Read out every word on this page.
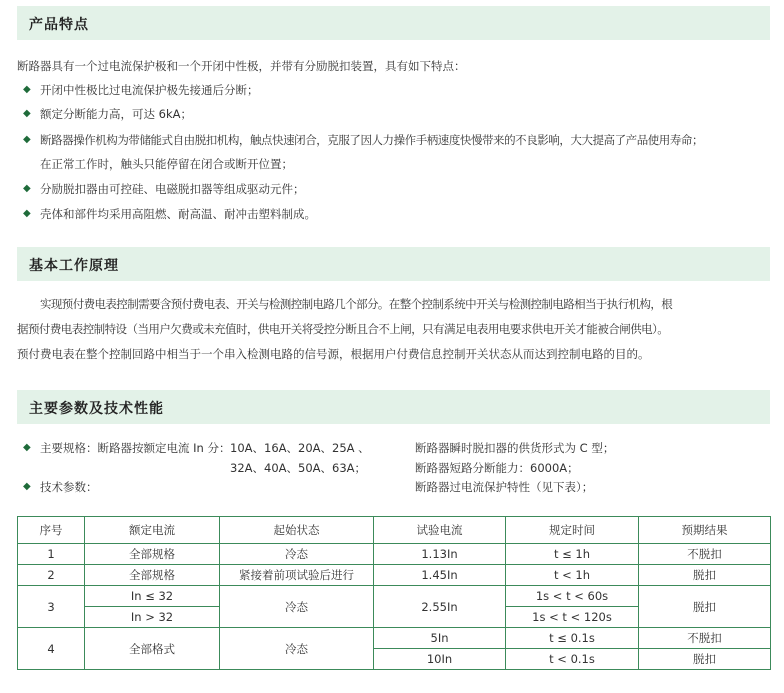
产品特点
断路器具有一个过电流保护极和一个开闭中性极，并带有分励脱扣装置，具有如下特点：
◆ 开闭中性极比过电流保护极先接通后分断；
◆ 额定分断能力高，可达 6kA；
◆ 断路器操作机构为带储能式自由脱扣机构，触点快速闭合，克服了因人力操作手柄速度快慢带来的不良影响，大大提高了产品使用寿命；
在正常工作时，触头只能停留在闭合或断开位置；
◆ 分励脱扣器由可控硅、电磁脱扣器等组成驱动元件；
◆ 壳体和部件均采用高阻燃、耐高温、耐冲击塑料制成。
基本工作原理
实现预付费电表控制需要含预付费电表、开关与检测控制电路几个部分。在整个控制系统中开关与检测控制电路相当于执行机构，根
据预付费电表控制特设（当用户欠费或未充值时，供电开关将受控分断且合不上闸，只有满足电表用电要求供电开关才能被合闸供电）。
预付费电表在整个控制回路中相当于一个串入检测电路的信号源，根据用户付费信息控制开关状态从而达到控制电路的目的。
主要参数及技术性能
◆ 主要规格：断路器按额定电流 In 分： 10A、16A、20A、25A 、
32A、40A、50A、63A；
◆ 技术参数：
断路器瞬时脱扣器的供货形式为 C 型；
断路器短路分断能力：6000A；
断路器过电流保护特性（见下表）；
序号	额定电流	起始状态	试验电流	规定时间	预期结果
1	全部规格	冷态	1.13In	t ≤ 1h	不脱扣
2	全部规格	紧接着前项试验后进行	1.45In	t < 1h	脱扣
3	In ≤ 32	冷态	2.55In	1s < t < 60s	脱扣
	In > 32			1s < t < 120s	
4	全部格式	冷态	5In	t ≤ 0.1s	不脱扣
			10In	t < 0.1s	脱扣
